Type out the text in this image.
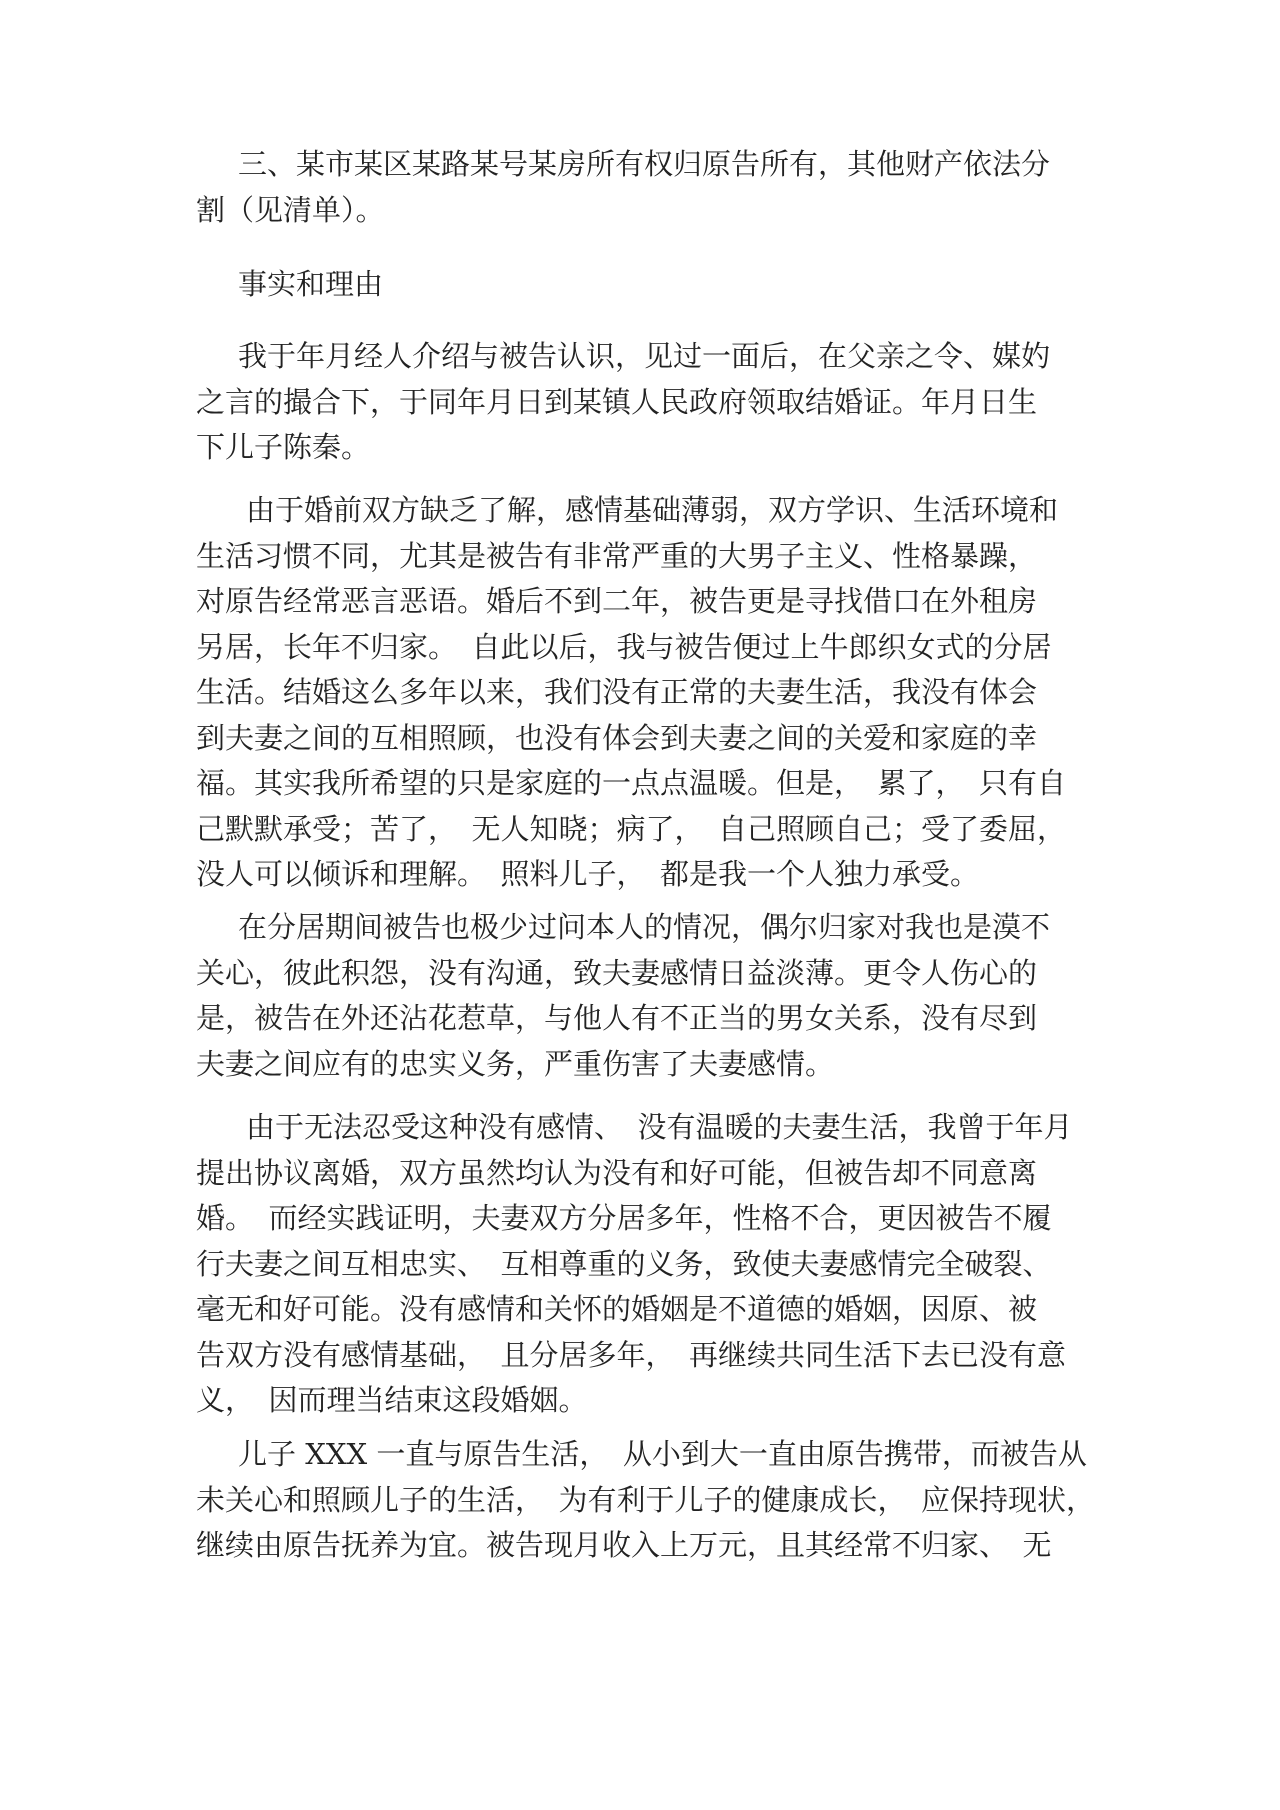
三、某市某区某路某号某房所有权归原告所有，其他财产依法分
割（见清单）。

事实和理由

我于年月经人介绍与被告认识，见过一面后，在父亲之令、媒妁
之言的撮合下，于同年月日到某镇人民政府领取结婚证。年月日生
下儿子陈秦。

由于婚前双方缺乏了解，感情基础薄弱，双方学识、生活环境和
生活习惯不同，尤其是被告有非常严重的大男子主义、性格暴躁，
对原告经常恶言恶语。婚后不到二年，被告更是寻找借口在外租房
另居，长年不归家。　自此以后，我与被告便过上牛郎织女式的分居
生活。结婚这么多年以来，我们没有正常的夫妻生活，我没有体会
到夫妻之间的互相照顾，也没有体会到夫妻之间的关爱和家庭的幸
福。其实我所希望的只是家庭的一点点温暖。但是，　累了，　只有自
己默默承受；苦了，　无人知晓；病了，　自己照顾自己；受了委屈，
没人可以倾诉和理解。　照料儿子，　都是我一个人独力承受。

在分居期间被告也极少过问本人的情况，偶尔归家对我也是漠不
关心，彼此积怨，没有沟通，致夫妻感情日益淡薄。更令人伤心的
是，被告在外还沾花惹草，与他人有不正当的男女关系，没有尽到
夫妻之间应有的忠实义务，严重伤害了夫妻感情。

由于无法忍受这种没有感情、　没有温暖的夫妻生活，我曾于年月
提出协议离婚，双方虽然均认为没有和好可能，但被告却不同意离
婚。　而经实践证明，夫妻双方分居多年，性格不合，更因被告不履
行夫妻之间互相忠实、　互相尊重的义务，致使夫妻感情完全破裂、
毫无和好可能。没有感情和关怀的婚姻是不道德的婚姻，因原、被
告双方没有感情基础，　且分居多年，　再继续共同生活下去已没有意
义，　因而理当结束这段婚姻。

儿子 XXX 一直与原告生活，　从小到大一直由原告携带，而被告从
未关心和照顾儿子的生活，　为有利于儿子的健康成长，　应保持现状，
继续由原告抚养为宜。被告现月收入上万元，且其经常不归家、　无
